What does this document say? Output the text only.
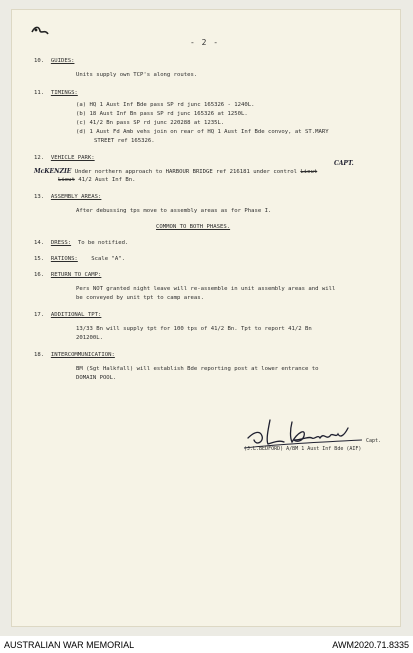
- 2 -
10. GUIDES:
Units supply own TCP's along routes.
11. TIMINGS:
(a) HQ 1 Aust Inf Bde pass SP rd junc 165326 - 1240L.
(b) 18 Aust Inf Bn pass SP rd junc 165326 at 1250L.
(c) 41/2 Bn pass SP rd junc 220288 at 1235L.
(d) 1 Aust Fd Amb vehs join on rear of HQ 1 Aust Inf Bde convoy, at ST.MARY
STREET ref 165326.
12. VEHICLE PARK:
CAPT.
McKENZIE Under northern approach to HARBOUR BRIDGE ref 216181 under control Lieut
Lieut 41/2 Aust Inf Bn.
13. ASSEMBLY AREAS:
After debussing tps move to assembly areas as for Phase I.
COMMON TO BOTH PHASES.
14. DRESS: To be notified.
15. RATIONS: Scale "A".
16. RETURN TO CAMP:
Pers NOT granted night leave will re-assemble in unit assembly areas and will
be conveyed by unit tpt to camp areas.
17. ADDITIONAL TPT:
13/33 Bn will supply tpt for 100 tps of 41/2 Bn. Tpt to report 41/2 Bn
201200L.
18. INTERCOMMUNICATION:
BM (Sgt Halkfall) will establish Bde reporting post at lower entrance to
DOMAIN POOL.
Capt.
(J.L.BEDFORD) A/BM 1 Aust Inf Bde (AIF)
AUSTRALIAN WAR MEMORIAL	AWM2020.71.8335
